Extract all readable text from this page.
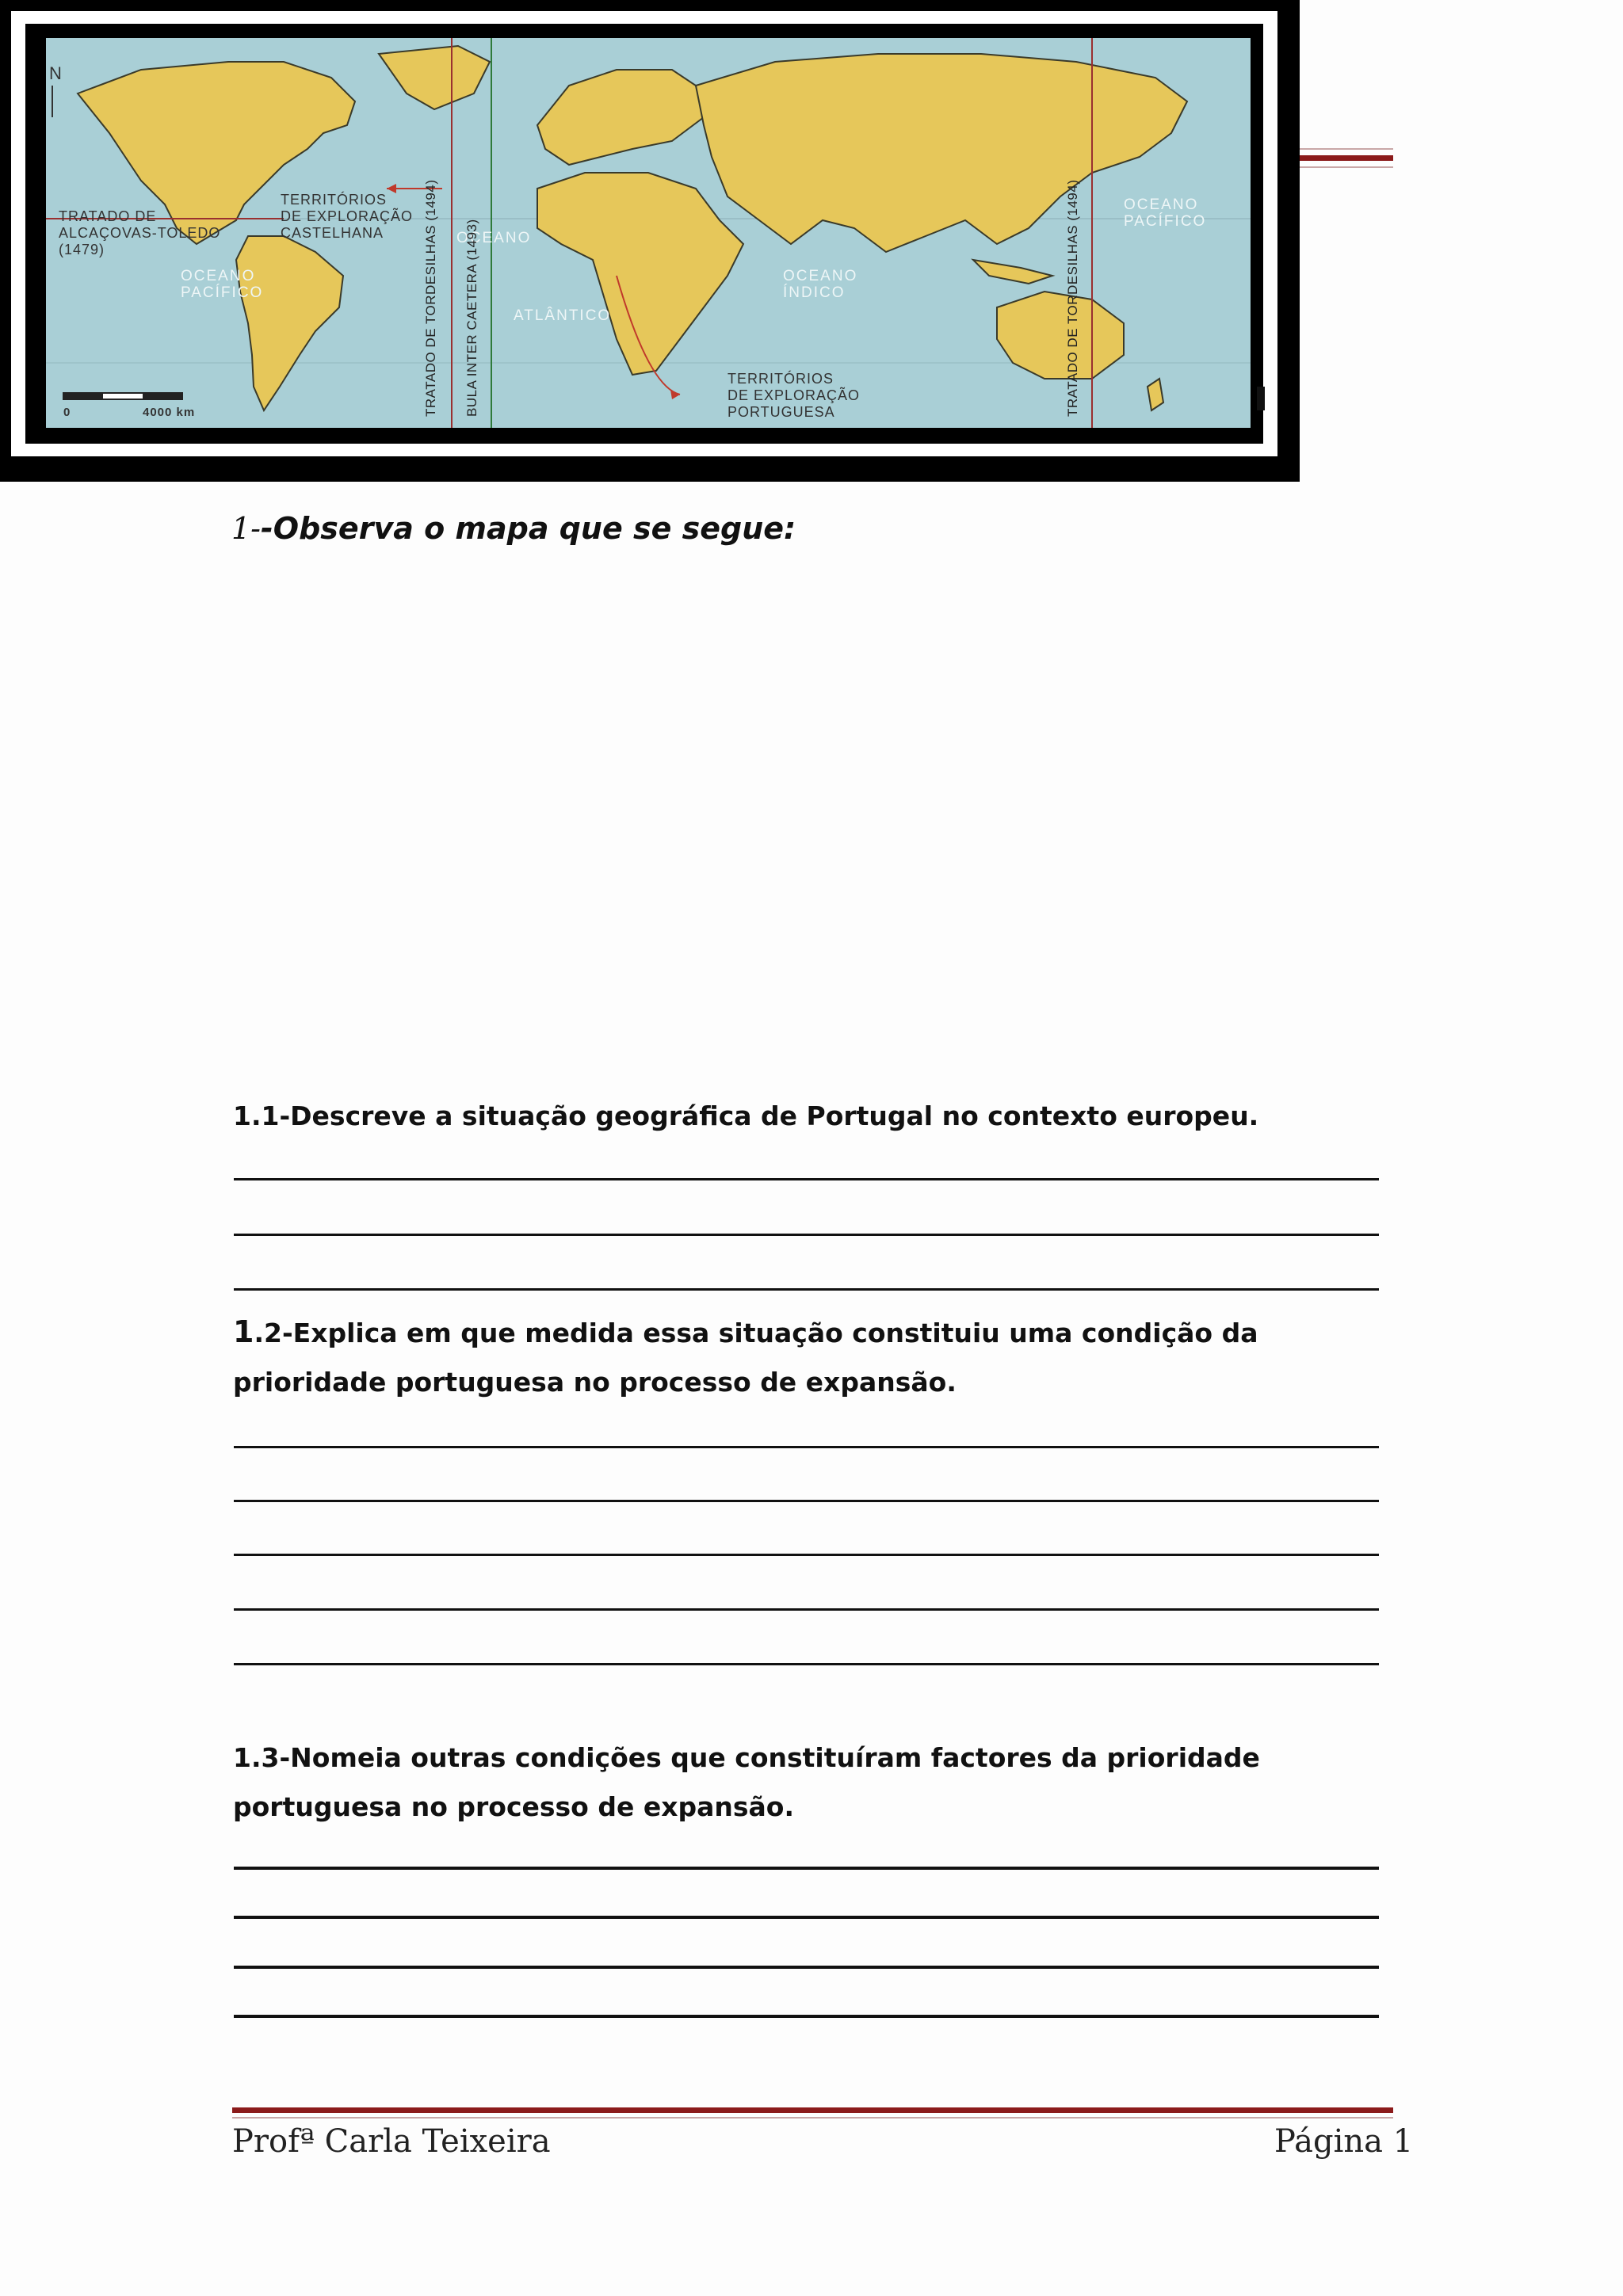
N
0	4000 km
TRATADO DE
ALCAÇOVAS-TOLEDO
(1479)
TERRITÓRIOS
DE EXPLORAÇÃO
CASTELHANA
TERRITÓRIOS
DE EXPLORAÇÃO
PORTUGUESA
OCEANO
PACÍFICO
OCEANO
ATLÂNTICO
OCEANO
ÍNDICO
OCEANO
PACÍFICO
TRATADO DE TORDESILHAS (1494) BULA INTER CAETERA (1493)	TRATADO DE TORDESILHAS (1494)
1--Observa o mapa que se segue:
1.1-Descreve a situação geográfica de Portugal no contexto europeu.
1.2-Explica em que medida essa situação constituiu uma condição da prioridade portuguesa no processo de expansão.
1.3-Nomeia outras condições que constituíram factores da prioridade portuguesa no processo de expansão.
Profª Carla Teixeira	Página 1
